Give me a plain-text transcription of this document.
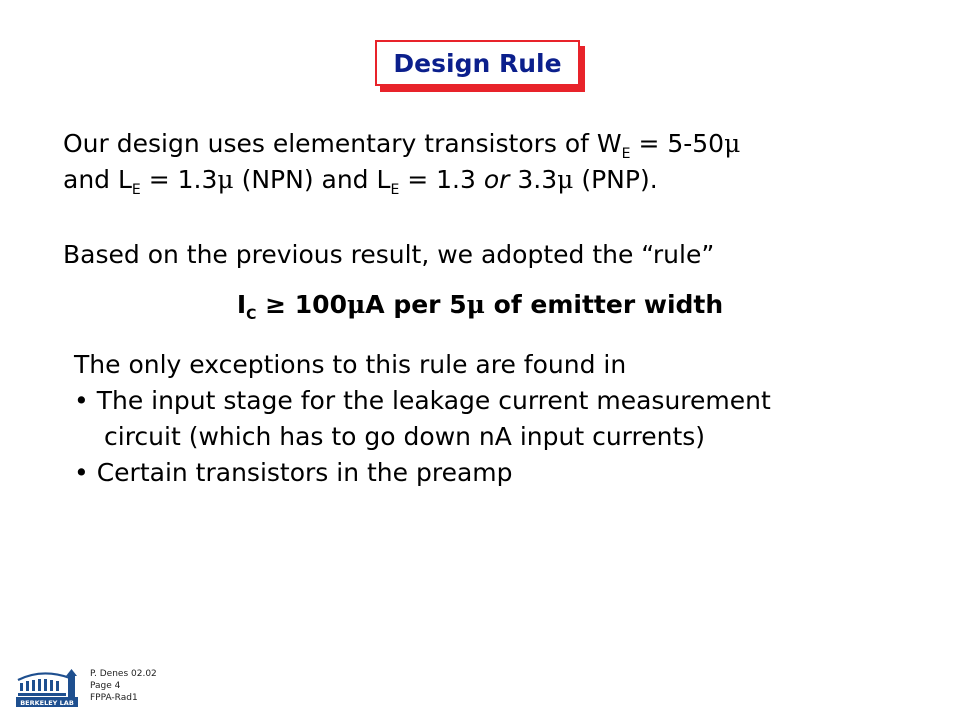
Design Rule
Our design uses elementary transistors of $W_E = 5-50\mu$
and $L_E = 1.3\mu$ (NPN) and $L_E = 1.3$ or 3.3μ (PNP).
Based on the previous result, we adopted the “rule”
$I_C \ge 100\mu A$ per 5μ of emitter width
The only exceptions to this rule are found in
• The input stage for the leakage current measurement
circuit (which has to go down nA input currents)
• Certain transistors in the preamp
BERKELEY LAB
P. Denes 02.02
Page 4
FPPA-Rad1
